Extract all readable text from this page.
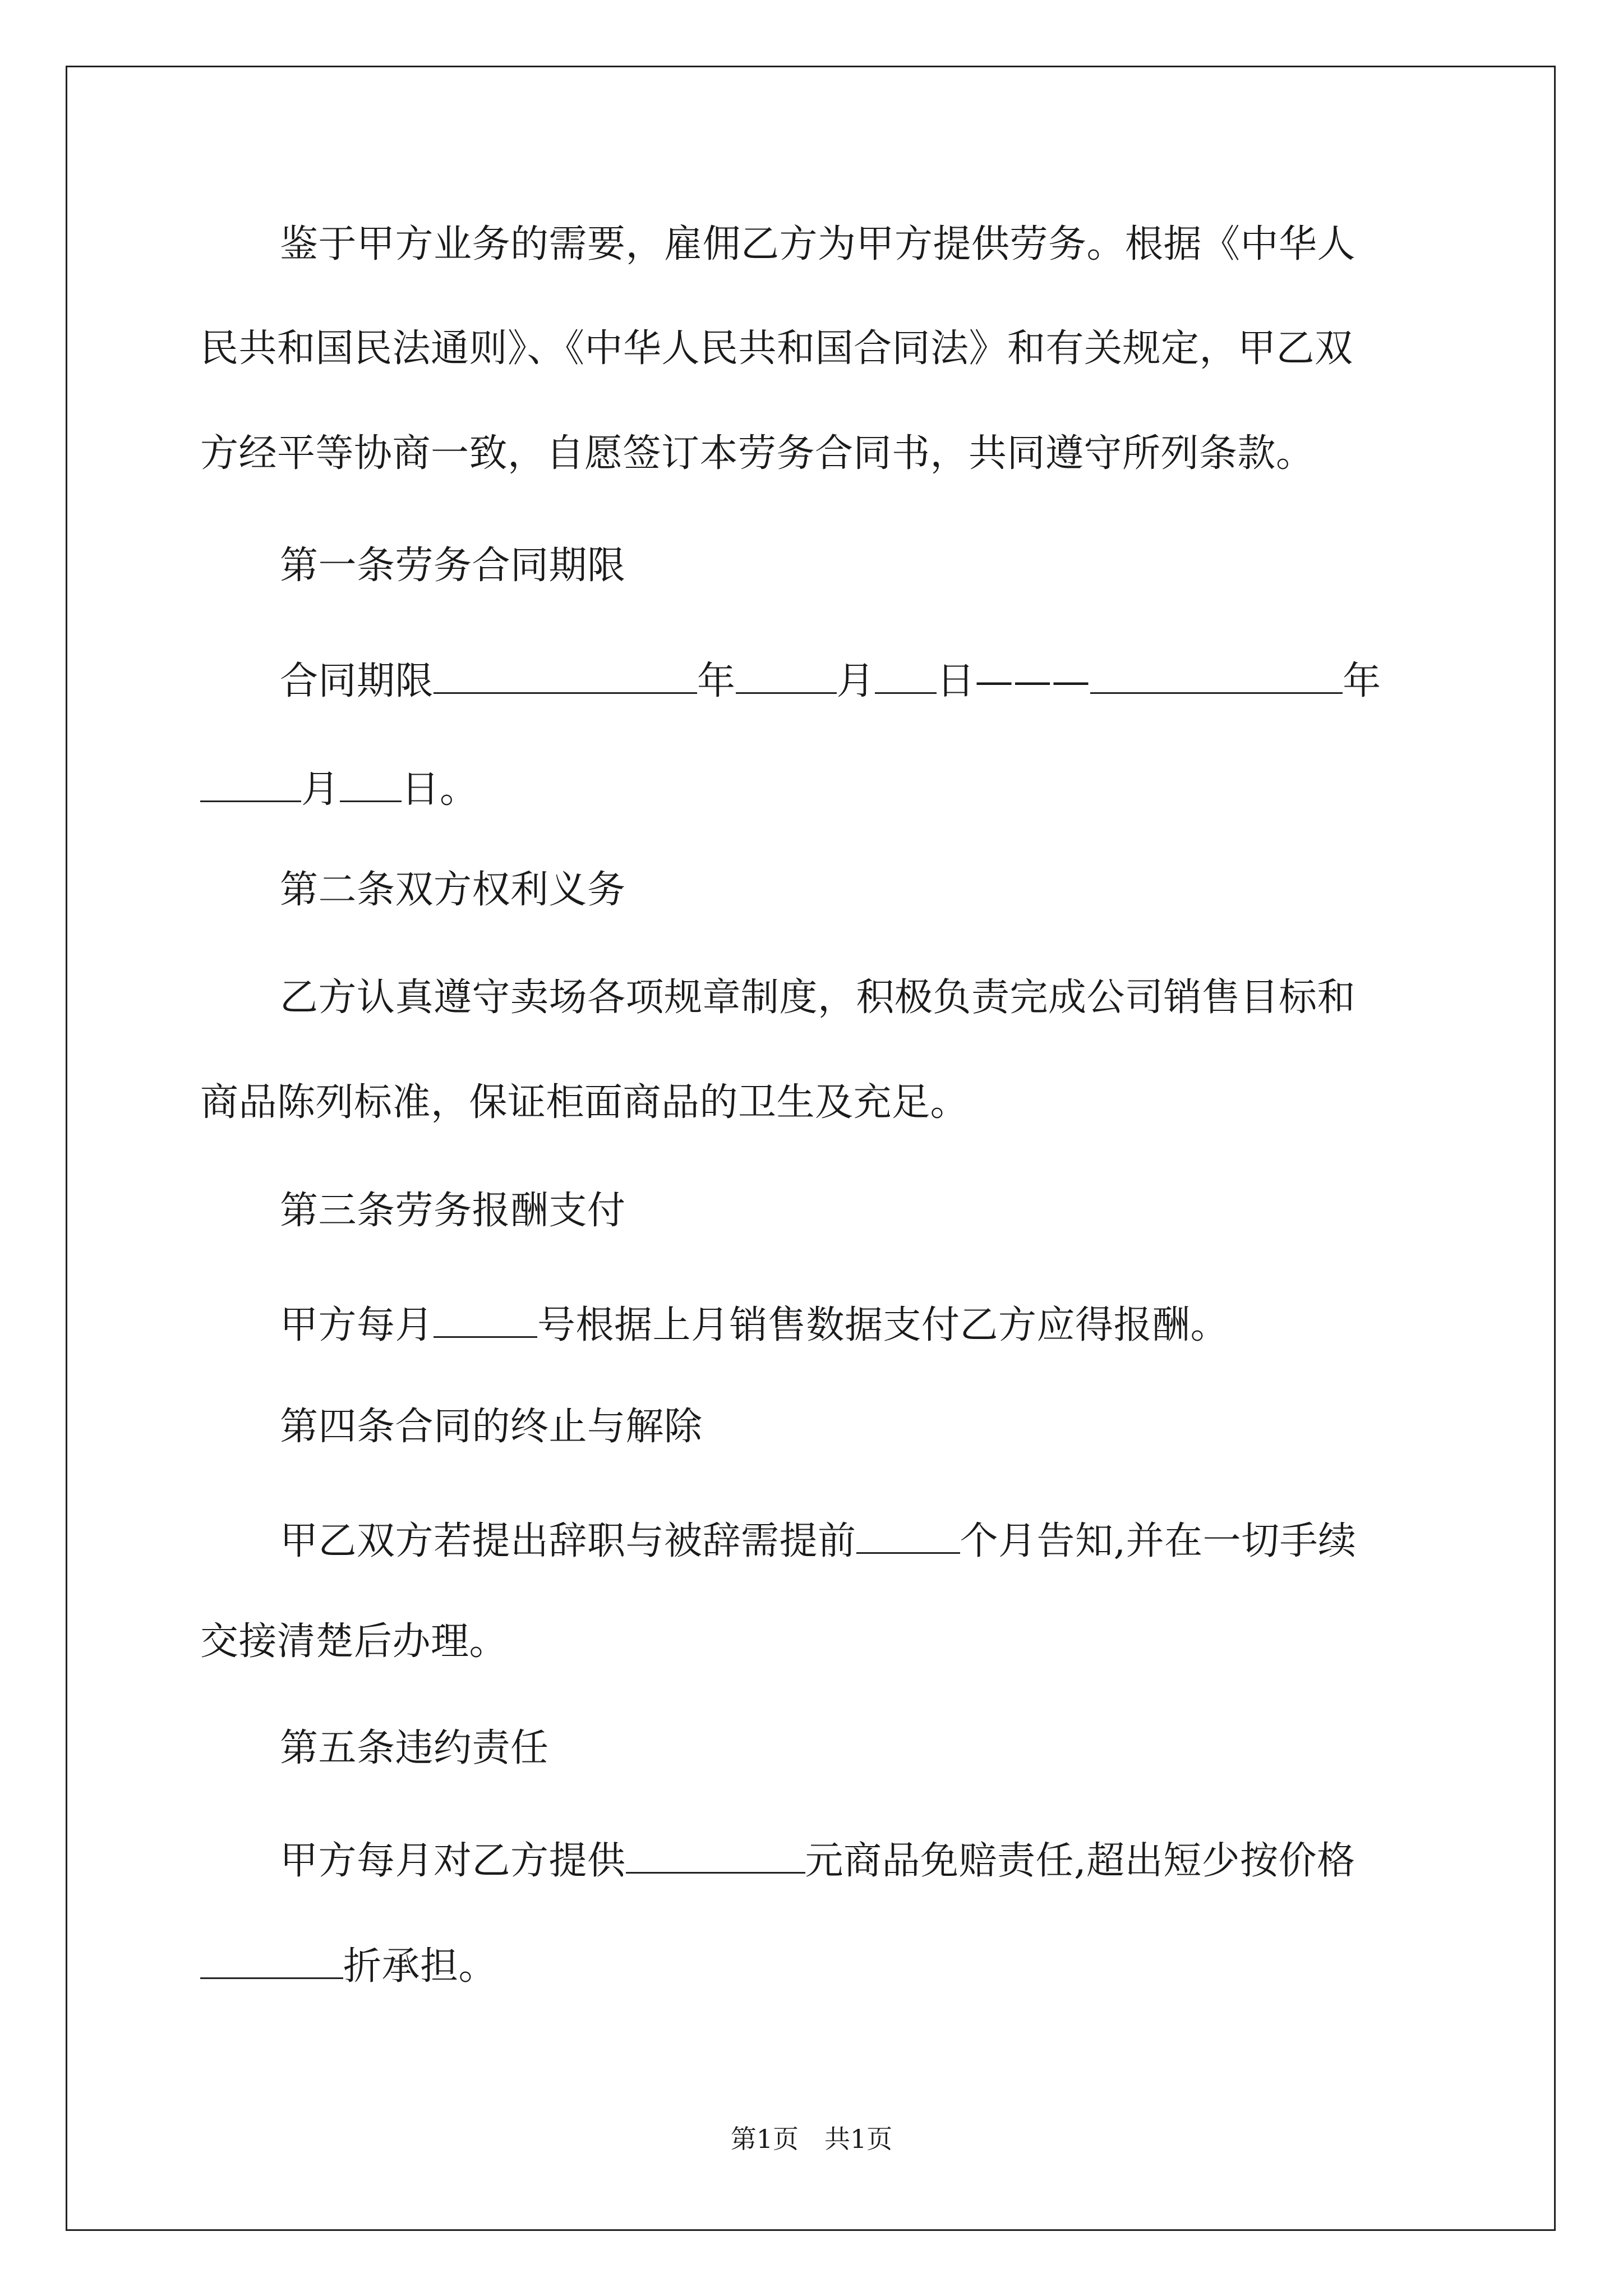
鉴于甲方业务的需要，雇佣乙方为甲方提供劳务。根据《中华人
民共和国民法通则》、《中华人民共和国合同法》和有关规定，甲乙双
方经平等协商一致，自愿签订本劳务合同书，共同遵守所列条款。
第一条劳务合同期限
合同期限	年	月 日———	年
月 日。
第二条双方权利义务
乙方认真遵守卖场各项规章制度，积极负责完成公司销售目标和
商品陈列标准，保证柜面商品的卫生及充足。
第三条劳务报酬支付
甲方每月	号根据上月销售数据支付乙方应得报酬。
第四条合同的终止与解除
甲乙双方若提出辞职与被辞需提前	个月告知,并在一切手续
交接清楚后办理。
第五条违约责任
甲方每月对乙方提供	元商品免赔责任,超出短少按价格
折承担。
第1页　共1页
